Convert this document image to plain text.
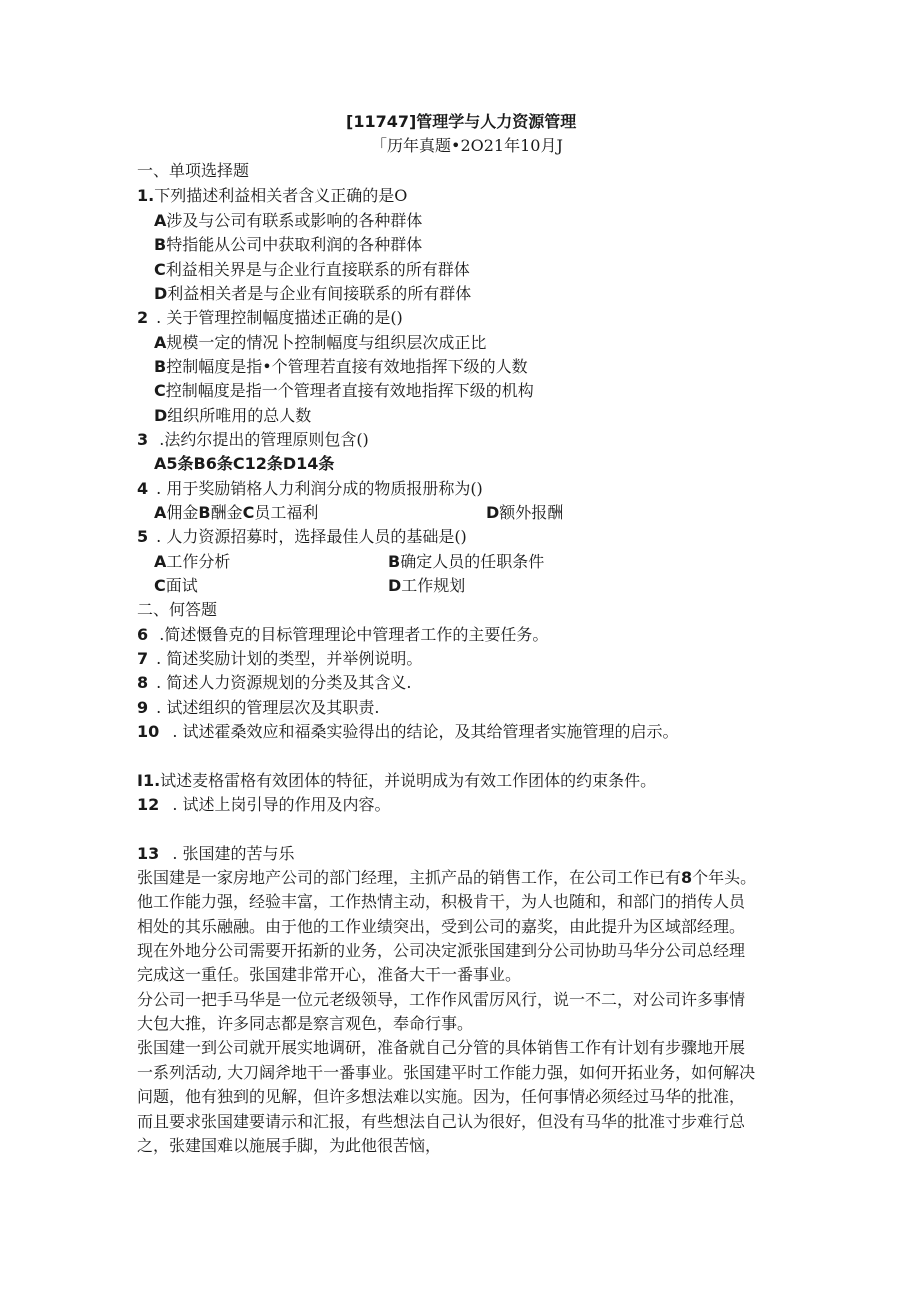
[11747]管理学与人力资源管理
「历年真题•2O21年10月J
一、单项选择题
1.下列描述利益相关者含义正确的是O
A涉及与公司有联系或影响的各种群体
B特指能从公司中获取利润的各种群体
C利益相关界是与企业行直接联系的所有群体
D利益相关者是与企业有间接联系的所有群体
2 . 关于管理控制幅度描述正确的是()
A规模一定的情况卜控制幅度与组织层次成正比
B控制幅度是指•个管理若直接有效地指挥下级的人数
C控制幅度是指一个管理者直接有效地指挥下级的机构
D组织所唯用的总人数
3 .法约尔提出的管理原则包含()
A5条B6条C12条D14条
4 . 用于奖励销格人力利润分成的物质报册称为()
A佣金B酬金C员工福利	D额外报酬
5 . 人力资源招募时，选择最佳人员的基础是()
A工作分析	B确定人员的任职条件
C面试	D工作规划
二、何答题
6 .简述慑鲁克的目标管理理论中管理者工作的主要任务。
7 . 简述奖励计划的类型，并举例说明。
8 . 简述人力资源规划的分类及其含义.
9 . 试述组织的管理层次及其职责.
10 . 试述霍桑效应和福桑实验得出的结论，及其给管理者实施管理的启示。
I1.试述麦格雷格有效团体的特征，并说明成为有效工作团体的约束条件。
12 . 试述上岗引导的作用及内容。
13 . 张国建的苦与乐
张国建是一家房地产公司的部门经理，主抓产品的销售工作，在公司工作已有8个年头。
他工作能力强，经验丰富，工作热情主动，积极肯干，为人也随和，和部门的捎传人员
相处的其乐融融。由于他的工作业绩突出，受到公司的嘉奖，由此提升为区域部经理。
现在外地分公司需要开拓新的业务，公司决定派张国建到分公司协助马华分公司总经理
完成这一重任。张国建非常开心，准备大干一番事业。
分公司一把手马华是一位元老级领导，工作作风雷厉风行，说一不二，对公司许多事情
大包大推，许多同志都是察言观色，奉命行事。
张国建一到公司就开展实地调研，准备就自己分管的具体销售工作有计划有步骤地开展
一系列活动, 大刀阔斧地干一番事业。张国建平时工作能力强，如何开拓业务，如何解决
问题，他有独到的见解，但许多想法难以实施。因为，任何事情必须经过马华的批准，
而且要求张国建要请示和汇报，有些想法自己认为很好，但没有马华的批准寸步难行总
之，张建国难以施展手脚，为此他很苦恼，
